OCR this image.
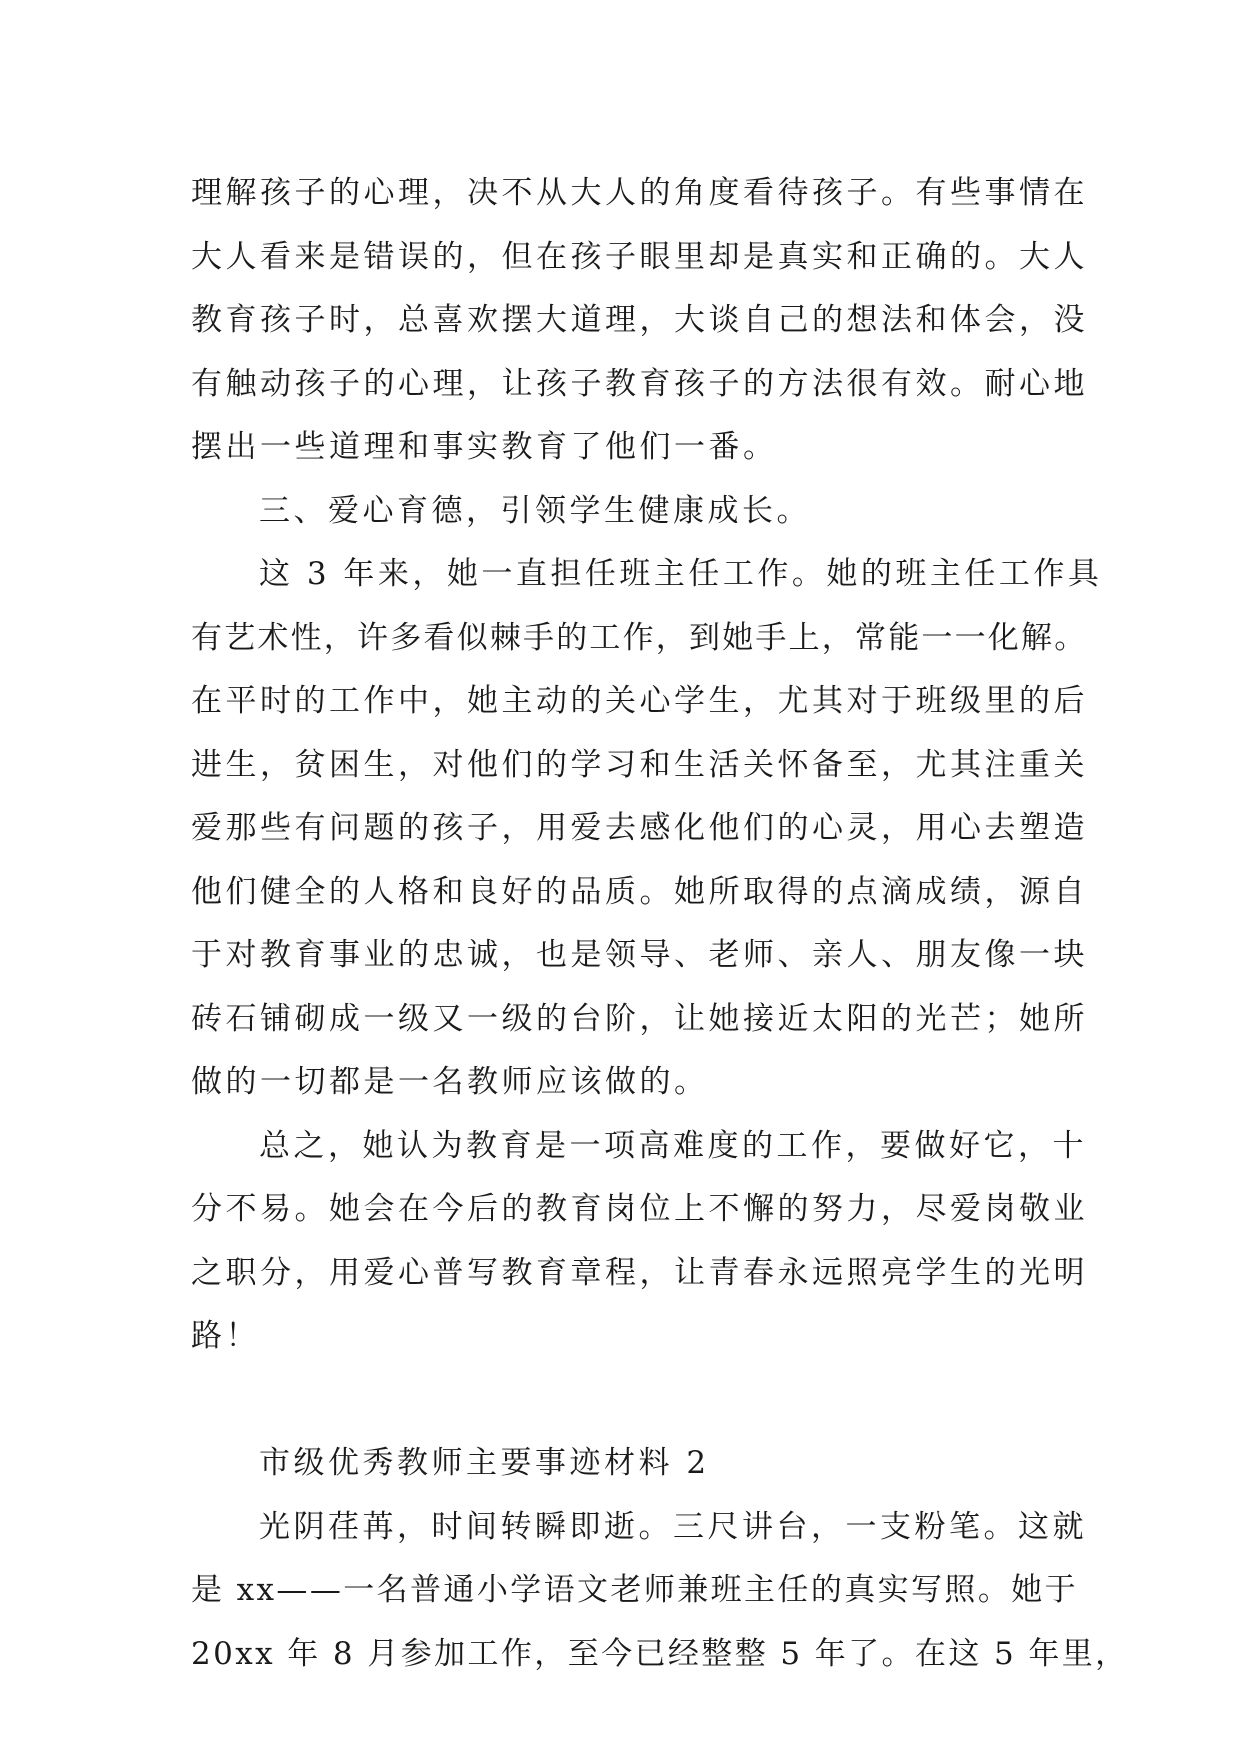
理解孩子的心理，决不从大人的角度看待孩子。有些事情在
大人看来是错误的，但在孩子眼里却是真实和正确的。大人
教育孩子时，总喜欢摆大道理，大谈自己的想法和体会，没
有触动孩子的心理，让孩子教育孩子的方法很有效。耐心地
摆出一些道理和事实教育了他们一番。
三、爱心育德，引领学生健康成长。
这 3 年来，她一直担任班主任工作。她的班主任工作具
有艺术性，许多看似棘手的工作，到她手上，常能一一化解。
在平时的工作中，她主动的关心学生，尤其对于班级里的后
进生，贫困生，对他们的学习和生活关怀备至，尤其注重关
爱那些有问题的孩子，用爱去感化他们的心灵，用心去塑造
他们健全的人格和良好的品质。她所取得的点滴成绩，源自
于对教育事业的忠诚，也是领导、老师、亲人、朋友像一块
砖石铺砌成一级又一级的台阶，让她接近太阳的光芒；她所
做的一切都是一名教师应该做的。
总之，她认为教育是一项高难度的工作，要做好它，十
分不易。她会在今后的教育岗位上不懈的努力，尽爱岗敬业
之职分，用爱心普写教育章程，让青春永远照亮学生的光明
路！
市级优秀教师主要事迹材料 2
光阴荏苒，时间转瞬即逝。三尺讲台，一支粉笔。这就
是 xx——一名普通小学语文老师兼班主任的真实写照。她于
20xx 年 8 月参加工作，至今已经整整 5 年了。在这 5 年里，
